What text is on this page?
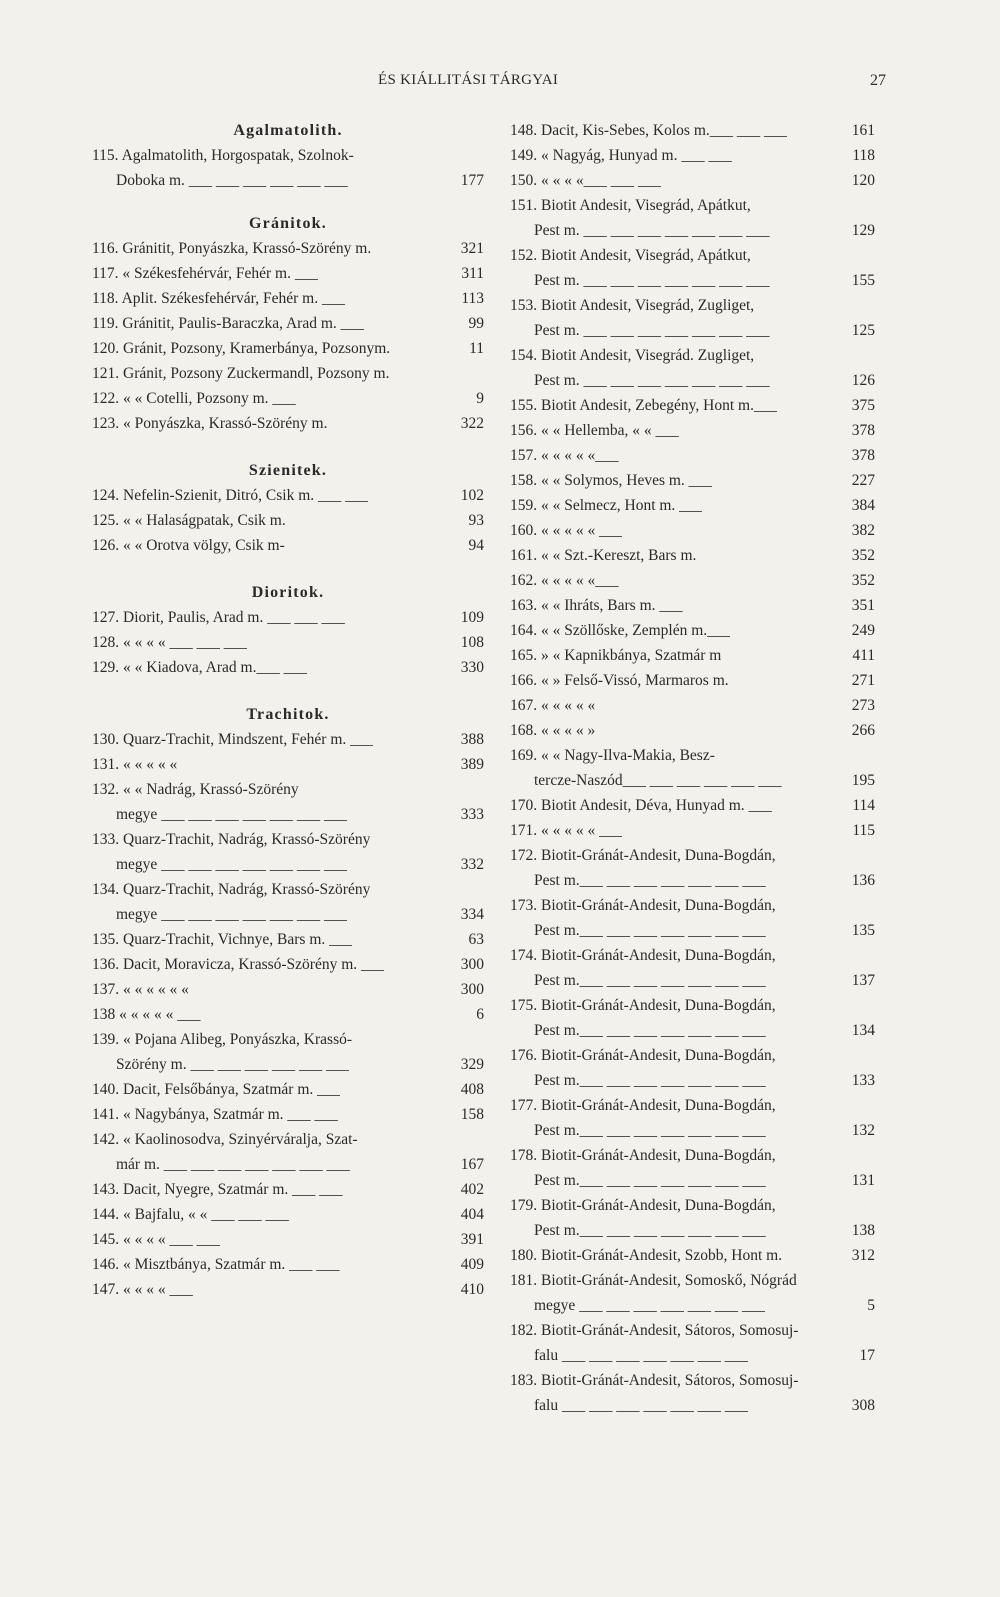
ÉS KIÁLLITÁSI TÁRGYAI	27
Agalmatolith.
115. Agalmatolith, Horgospatak, Szolnok-
Doboka m. ___ ___ ___ ___ ___ ___	177
Gránitok.
116. Gránitit, Ponyászka, Krassó-Szörény m.	321
117. « Székesfehérvár, Fehér m. ___	311
118. Aplit. Székesfehérvár, Fehér m. ___	113
119. Gránitit, Paulis-Baraczka, Arad m. ___	99
120. Gránit, Pozsony, Kramerbánya, Pozsonym.	11
121. Gránit, Pozsony Zuckermandl, Pozsony m.
122. « « Cotelli, Pozsony m. ___	9
123. « Ponyászka, Krassó-Szörény m.	322
Szienitek.
124. Nefelin-Szienit, Ditró, Csik m. ___ ___	102
125. « « Halaságpatak, Csik m.	93
126. « « Orotva völgy, Csik m-	94
Dioritok.
127. Diorit, Paulis, Arad m. ___ ___ ___	109
128. « « « « ___ ___ ___	108
129. « « Kiadova, Arad m.___ ___	330
Trachitok.
130. Quarz-Trachit, Mindszent, Fehér m. ___	388
131. « « « « «	389
132. « « Nadrág, Krassó-Szörény
megye ___ ___ ___ ___ ___ ___ ___	333
133. Quarz-Trachit, Nadrág, Krassó-Szörény
megye ___ ___ ___ ___ ___ ___ ___	332
134. Quarz-Trachit, Nadrág, Krassó-Szörény
megye ___ ___ ___ ___ ___ ___ ___	334
135. Quarz-Trachit, Vichnye, Bars m. ___	63
136. Dacit, Moravicza, Krassó-Szörény m. ___	300
137. « « « « « «	300
138 « « « « « ___	6
139. « Pojana Alibeg, Ponyászka, Krassó-
Szörény m. ___ ___ ___ ___ ___ ___	329
140. Dacit, Felsőbánya, Szatmár m. ___	408
141. « Nagybánya, Szatmár m. ___ ___	158
142. « Kaolinosodva, Szinyérváralja, Szat-
már m. ___ ___ ___ ___ ___ ___ ___	167
143. Dacit, Nyegre, Szatmár m. ___ ___	402
144. « Bajfalu, « « ___ ___ ___	404
145. « « « « ___ ___	391
146. « Misztbánya, Szatmár m. ___ ___	409
147. « « « « ___	410
148. Dacit, Kis-Sebes, Kolos m.___ ___ ___	161
149. « Nagyág, Hunyad m. ___ ___	118
150. « « « «___ ___ ___	120
151. Biotit Andesit, Visegrád, Apátkut,
Pest m. ___ ___ ___ ___ ___ ___ ___	129
152. Biotit Andesit, Visegrád, Apátkut,
Pest m. ___ ___ ___ ___ ___ ___ ___	155
153. Biotit Andesit, Visegrád, Zugliget,
Pest m. ___ ___ ___ ___ ___ ___ ___	125
154. Biotit Andesit, Visegrád. Zugliget,
Pest m. ___ ___ ___ ___ ___ ___ ___	126
155. Biotit Andesit, Zebegény, Hont m.___	375
156. « « Hellemba, « « ___	378
157. « « « « «___	378
158. « « Solymos, Heves m. ___	227
159. « « Selmecz, Hont m. ___	384
160. « « « « « ___	382
161. « « Szt.-Kereszt, Bars m.	352
162. « « « « «___	352
163. « « Ihráts, Bars m. ___	351
164. « « Szöllőske, Zemplén m.___	249
165. » « Kapnikbánya, Szatmár m	411
166. « » Felső-Vissó, Marmaros m.	271
167. « « « « «	273
168. « « « « »	266
169. « « Nagy-Ilva-Makia, Besz-
tercze-Naszód___ ___ ___ ___ ___ ___	195
170. Biotit Andesit, Déva, Hunyad m. ___	114
171. « « « « « ___	115
172. Biotit-Gránát-Andesit, Duna-Bogdán,
Pest m.___ ___ ___ ___ ___ ___ ___	136
173. Biotit-Gránát-Andesit, Duna-Bogdán,
Pest m.___ ___ ___ ___ ___ ___ ___	135
174. Biotit-Gránát-Andesit, Duna-Bogdán,
Pest m.___ ___ ___ ___ ___ ___ ___	137
175. Biotit-Gránát-Andesit, Duna-Bogdán,
Pest m.___ ___ ___ ___ ___ ___ ___	134
176. Biotit-Gránát-Andesit, Duna-Bogdán,
Pest m.___ ___ ___ ___ ___ ___ ___	133
177. Biotit-Gránát-Andesit, Duna-Bogdán,
Pest m.___ ___ ___ ___ ___ ___ ___	132
178. Biotit-Gránát-Andesit, Duna-Bogdán,
Pest m.___ ___ ___ ___ ___ ___ ___	131
179. Biotit-Gránát-Andesit, Duna-Bogdán,
Pest m.___ ___ ___ ___ ___ ___ ___	138
180. Biotit-Gránát-Andesit, Szobb, Hont m.	312
181. Biotit-Gránát-Andesit, Somoskő, Nógrád
megye ___ ___ ___ ___ ___ ___ ___	5
182. Biotit-Gránát-Andesit, Sátoros, Somosuj-
falu ___ ___ ___ ___ ___ ___ ___	17
183. Biotit-Gránát-Andesit, Sátoros, Somosuj-
falu ___ ___ ___ ___ ___ ___ ___	308
